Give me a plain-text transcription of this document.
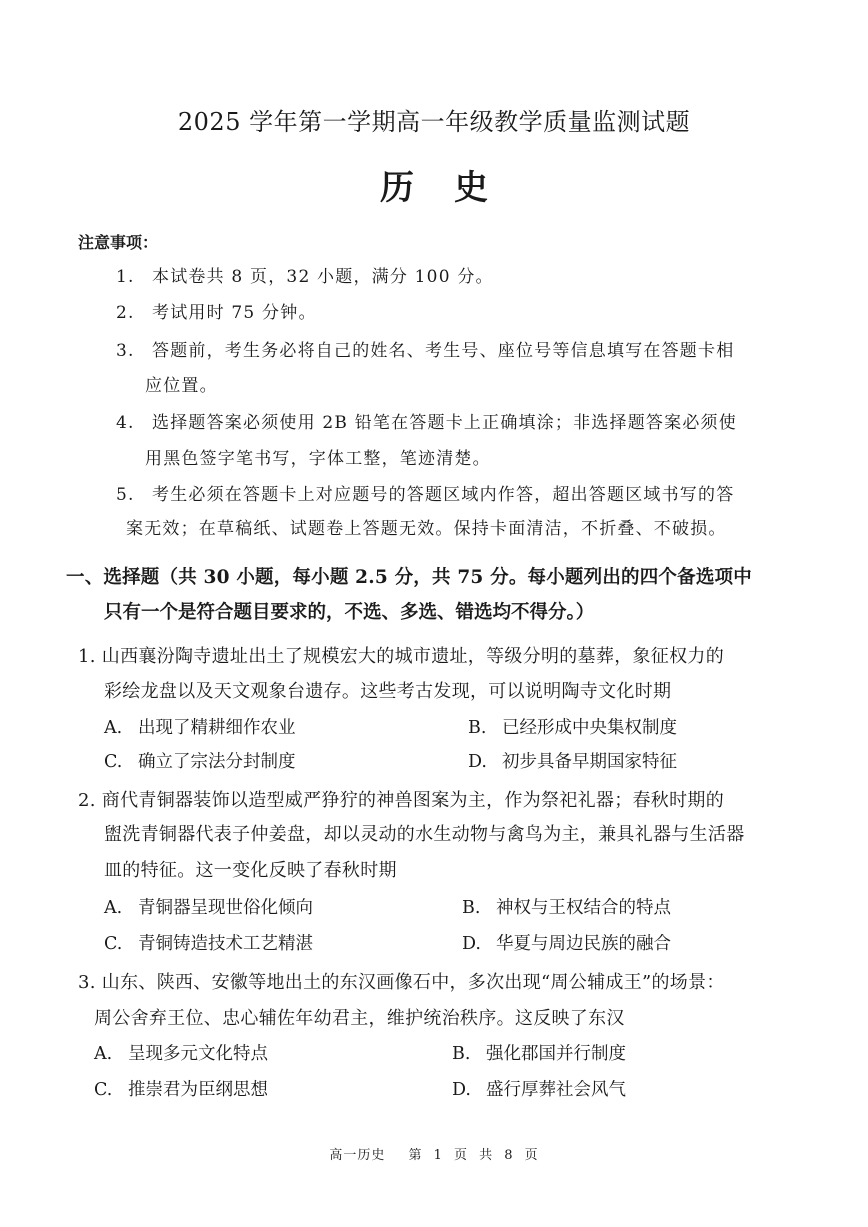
2025 学年第一学期高一年级教学质量监测试题
历史
注意事项：
1. 本试卷共 8 页，32 小题，满分 100 分。
2. 考试用时 75 分钟。
3. 答题前，考生务必将自己的姓名、考生号、座位号等信息填写在答题卡相
应位置。
4. 选择题答案必须使用 2B 铅笔在答题卡上正确填涂；非选择题答案必须使
用黑色签字笔书写，字体工整，笔迹清楚。
5. 考生必须在答题卡上对应题号的答题区域内作答，超出答题区域书写的答
案无效；在草稿纸、试题卷上答题无效。保持卡面清洁，不折叠、不破损。
一、选择题（共 30 小题，每小题 2.5 分，共 75 分。每小题列出的四个备选项中
只有一个是符合题目要求的，不选、多选、错选均不得分。）
1. 山西襄汾陶寺遗址出土了规模宏大的城市遗址，等级分明的墓葬，象征权力的
彩绘龙盘以及天文观象台遗存。这些考古发现，可以说明陶寺文化时期
A. 出现了精耕细作农业	B. 已经形成中央集权制度
C. 确立了宗法分封制度	D. 初步具备早期国家特征
2. 商代青铜器装饰以造型威严狰狞的神兽图案为主，作为祭祀礼器；春秋时期的
盥洗青铜器代表子仲姜盘，却以灵动的水生动物与禽鸟为主，兼具礼器与生活器
皿的特征。这一变化反映了春秋时期
A. 青铜器呈现世俗化倾向	B. 神权与王权结合的特点
C. 青铜铸造技术工艺精湛	D. 华夏与周边民族的融合
3. 山东、陕西、安徽等地出土的东汉画像石中，多次出现“周公辅成王”的场景：
周公舍弃王位、忠心辅佐年幼君主，维护统治秩序。这反映了东汉
A. 呈现多元文化特点	B. 强化郡国并行制度
C. 推崇君为臣纲思想	D. 盛行厚葬社会风气
高一历史 第 1 页 共 8 页
